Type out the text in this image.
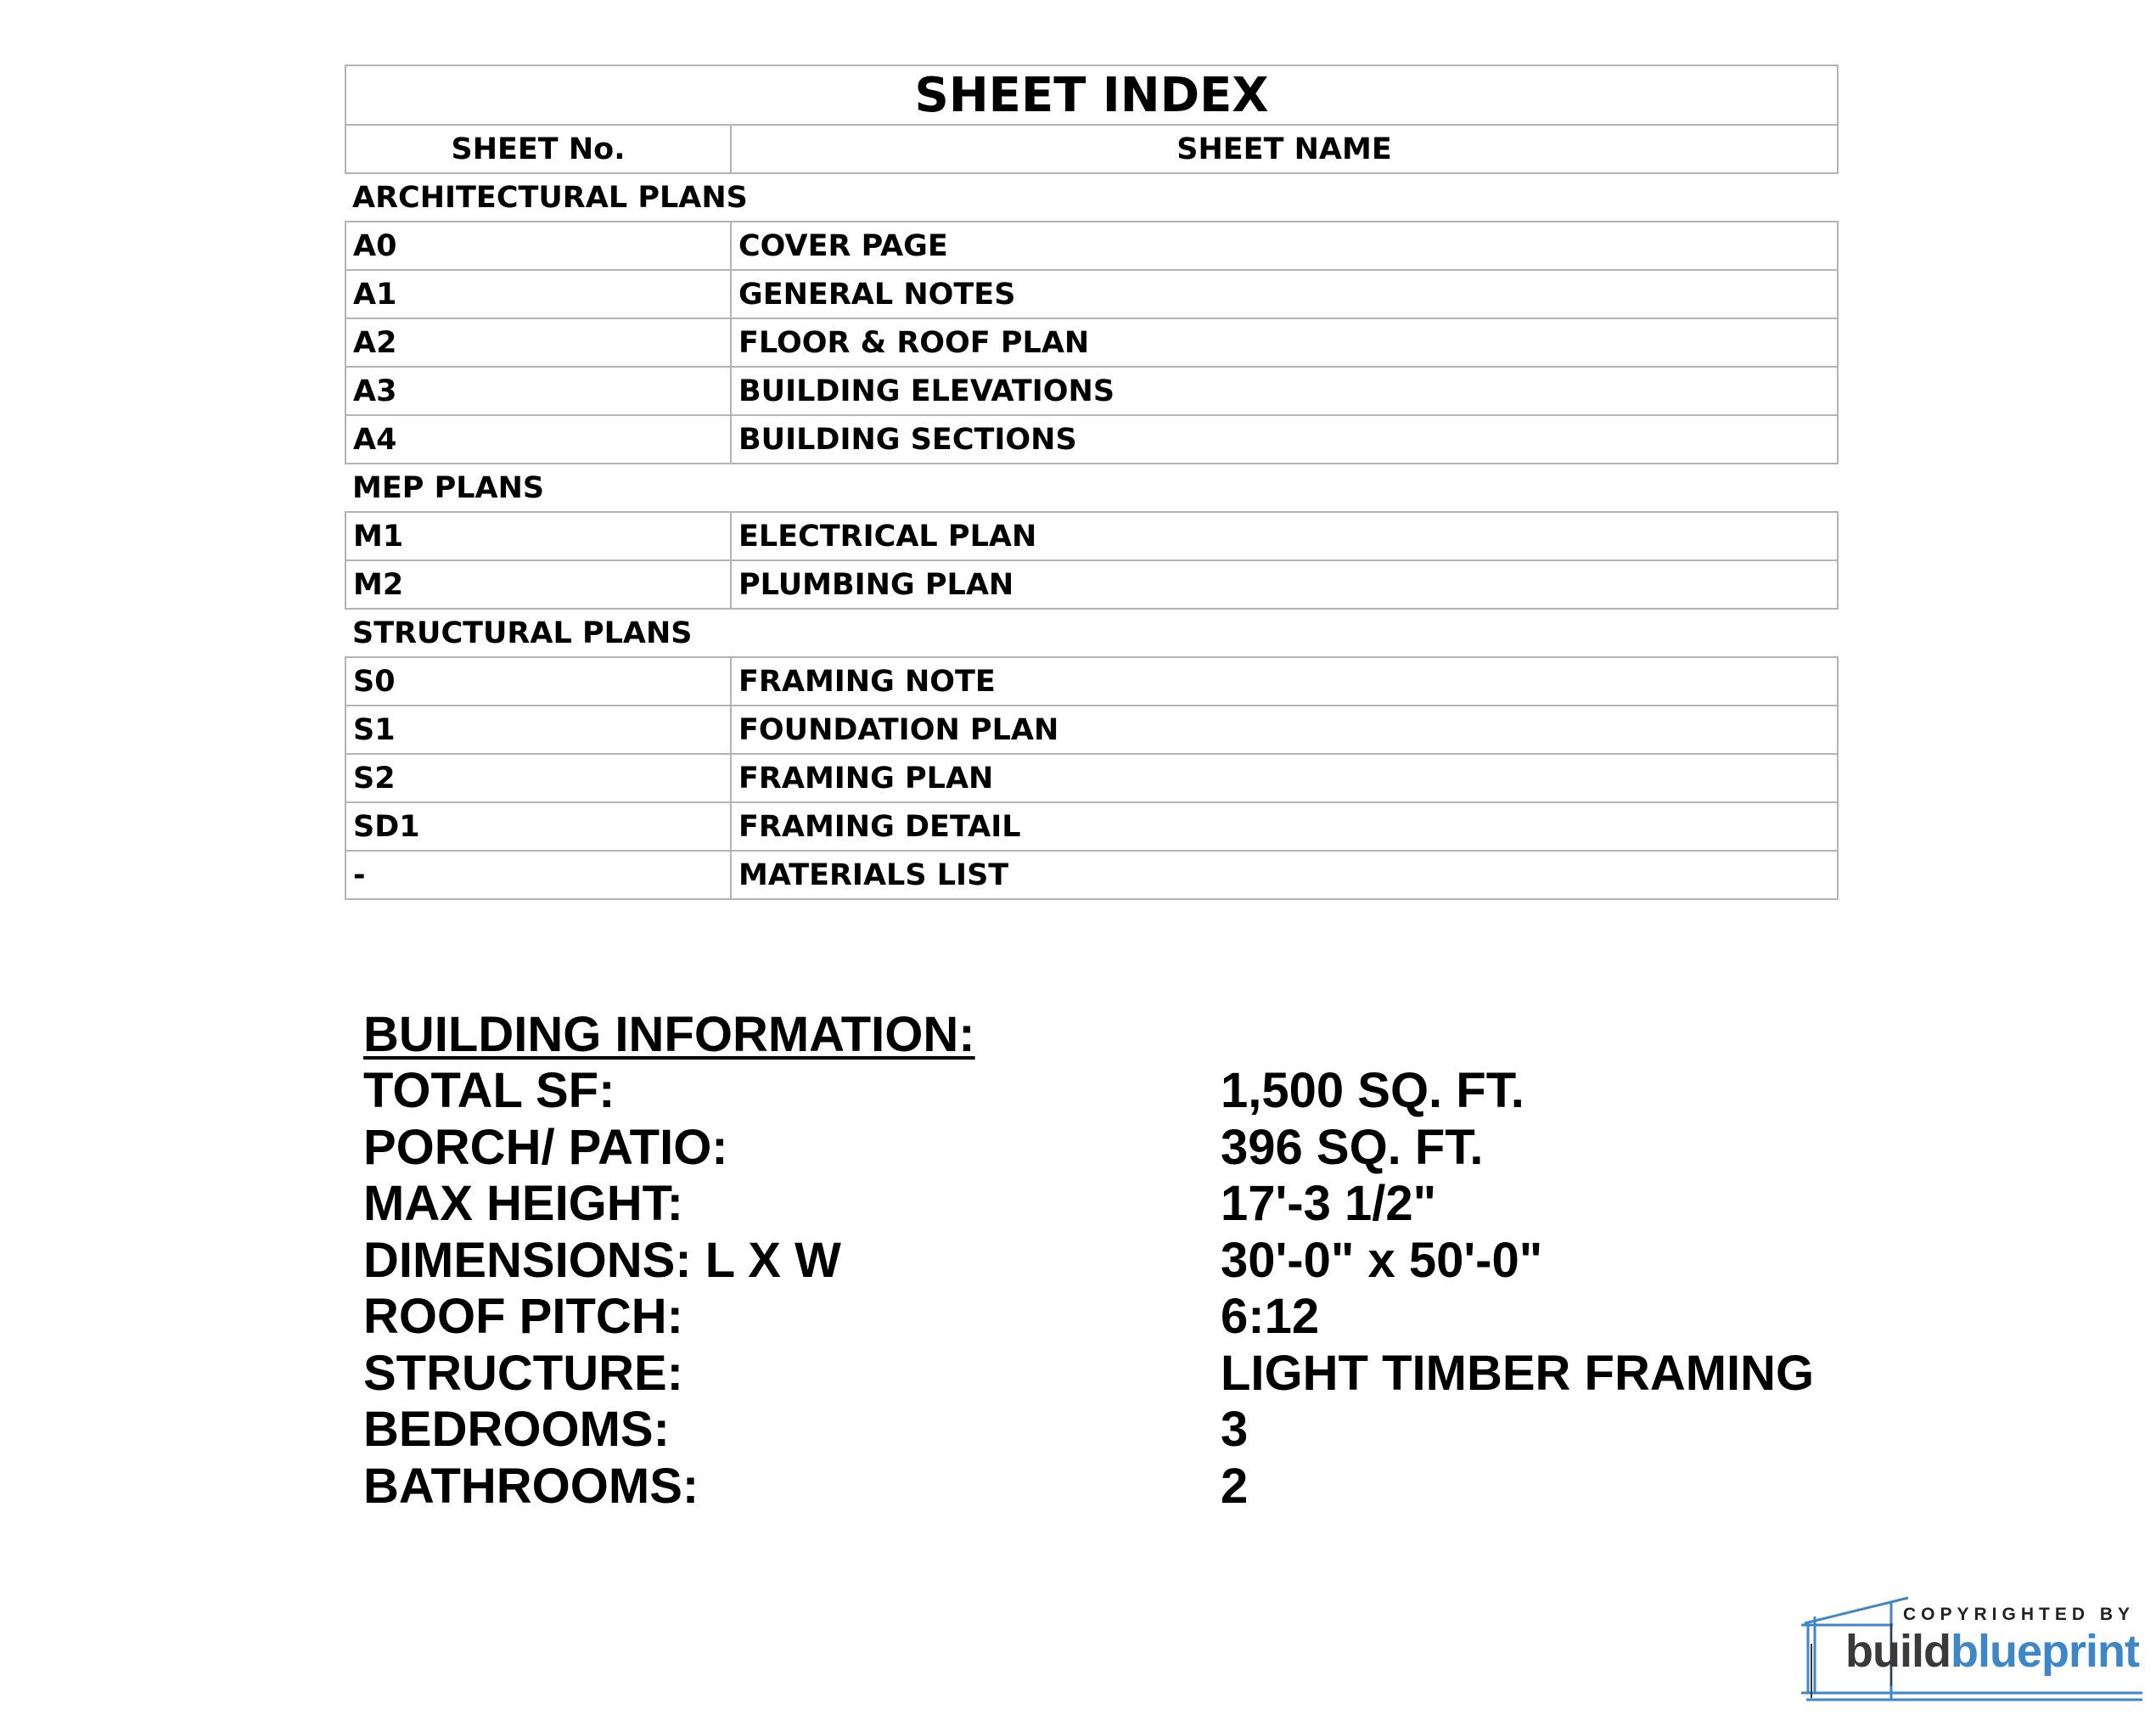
SHEET INDEX	
SHEET No.	SHEET NAME
ARCHITECTURAL PLANS	
A0	COVER PAGE
A1	GENERAL NOTES
A2	FLOOR & ROOF PLAN
A3	BUILDING ELEVATIONS
A4	BUILDING SECTIONS
MEP PLANS	
M1	ELECTRICAL PLAN
M2	PLUMBING PLAN
STRUCTURAL PLANS	
S0	FRAMING NOTE
S1	FOUNDATION PLAN
S2	FRAMING PLAN
SD1	FRAMING DETAIL
-	MATERIALS LIST
BUILDING INFORMATION:
TOTAL SF:	1,500 SQ. FT.
PORCH/ PATIO:	396 SQ. FT.
MAX HEIGHT:	17'-3 1/2"
DIMENSIONS: L X W	30'-0" x 50'-0"
ROOF PITCH:	6:12
STRUCTURE:	LIGHT TIMBER FRAMING
BEDROOMS:	3
BATHROOMS:	2
COPYRIGHTED BY
buildblueprint
